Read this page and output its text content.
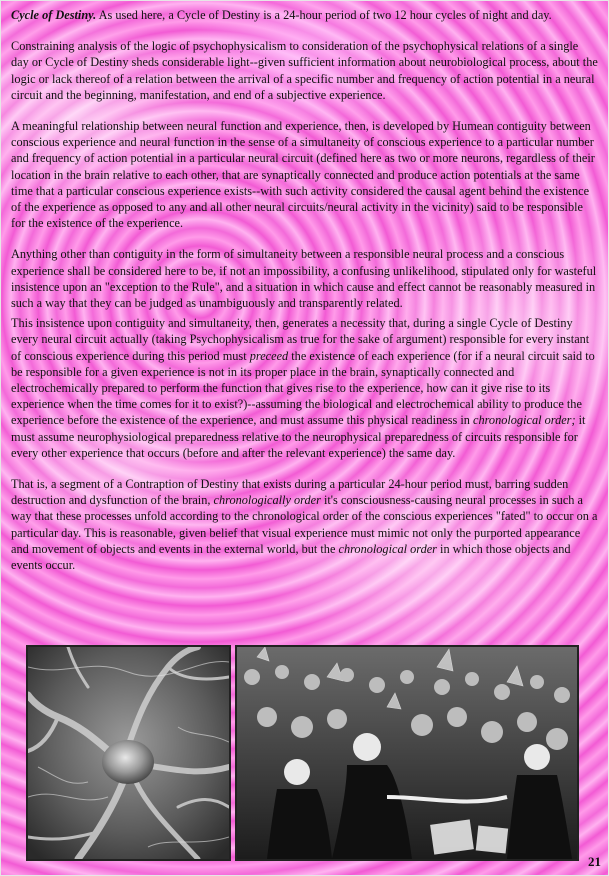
Cycle of Destiny. As used here, a Cycle of Destiny is a 24-hour period of two 12 hour cycles of night and day.

Constraining analysis of the logic of psychophysicalism to consideration of the psychophysical relations of a single day or Cycle of Destiny sheds considerable light--given sufficient information about neurobiological process, about the logic or lack thereof of a relation between the arrival of a specific number and frequency of action potential in a neural circuit and the beginning, manifestation, and end of a subjective experience.

A meaningful relationship between neural function and experience, then, is developed by Humean contiguity between conscious experience and neural function in the sense of a simultaneity of conscious experience to a particular number and frequency of action potential in a particular neural circuit (defined here as two or more neurons, regardless of their location in the brain relative to each other, that are synaptically connected and produce action potentials at the same time that a particular conscious experience exists--with such activity considered the causal agent behind the existence of the experience as opposed to any and all other neural circuits/neural activity in the vicinity) said to be responsible for the existence of the experience.

Anything other than contiguity in the form of simultaneity between a responsible neural process and a conscious experience shall be considered here to be, if not an impossibility, a confusing unlikelihood, stipulated only for wasteful insistence upon an "exception to the Rule", and a situation in which cause and effect cannot be reasonably measured in such a way that they can be judged as unambiguously and transparently related.

This insistence upon contiguity and simultaneity, then, generates a necessity that, during a single Cycle of Destiny every neural circuit actually (taking Psychophysicalism as true for the sake of argument) responsible for every instant of conscious experience during this period must preceed the existence of each experience (for if a neural circuit said to be responsible for a given experience is not in its proper place in the brain, synaptically connected and electrochemically prepared to perform the function that gives rise to the experience, how can it give rise to its experience when the time comes for it to exist?)--assuming the biological and electrochemical ability to produce the experience before the existence of the experience, and must assume this physical readiness in chronological order; it must assume neurophysiological preparedness relative to the neurophysical preparedness of circuits responsible for every other experience that occurs (before and after the relevant experience) the same day.

That is, a segment of a Contraption of Destiny that exists during a particular 24-hour period must, barring sudden destruction and dysfunction of the brain, chronologically order it's consciousness-causing neural processes in such a way that these processes unfold according to the chronological order of the conscious experiences "fated" to occur on a particular day. This is reasonable, given belief that visual experience must mimic not only the purported appearance and movement of objects and events in the external world, but the chronological order in which those objects and events occur.

21
